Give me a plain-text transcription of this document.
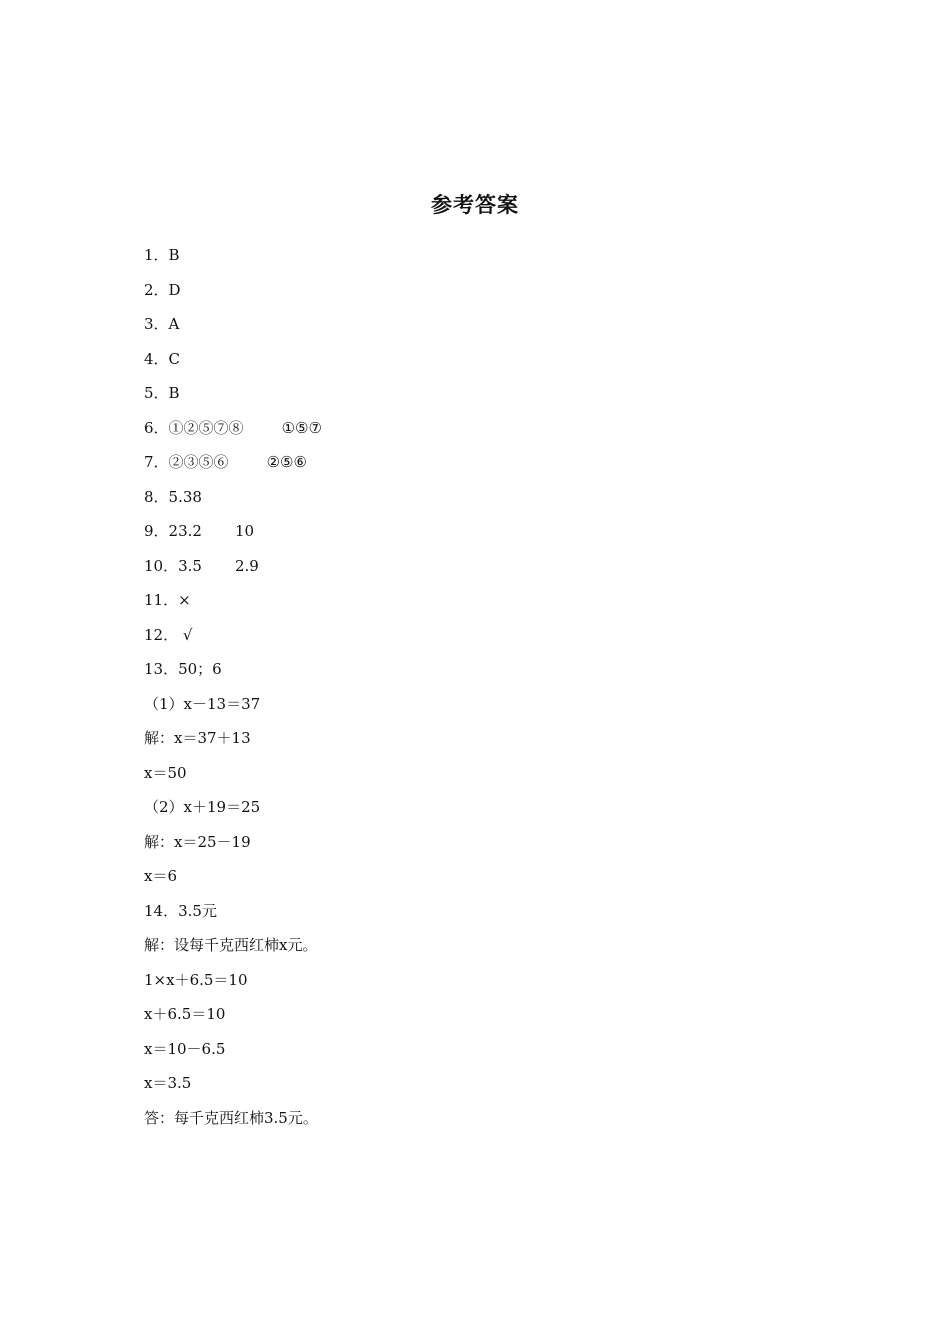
参考答案
1．B
2．D
3．A
4．C
5．B
6．①②⑤⑦⑧	①⑤⑦
7．②③⑤⑥	②⑤⑥
8．5.38
9．23.2 10
10．3.5 2.9
11．×
12． √
13．50；6
（1）x－13＝37
解：x＝37＋13
x＝50
（2）x＋19＝25
解：x＝25－19
x＝6
14．3.5元
解：设每千克西红柿x元。
1×x＋6.5＝10
x＋6.5＝10
x＝10－6.5
x＝3.5
答：每千克西红柿3.5元。
